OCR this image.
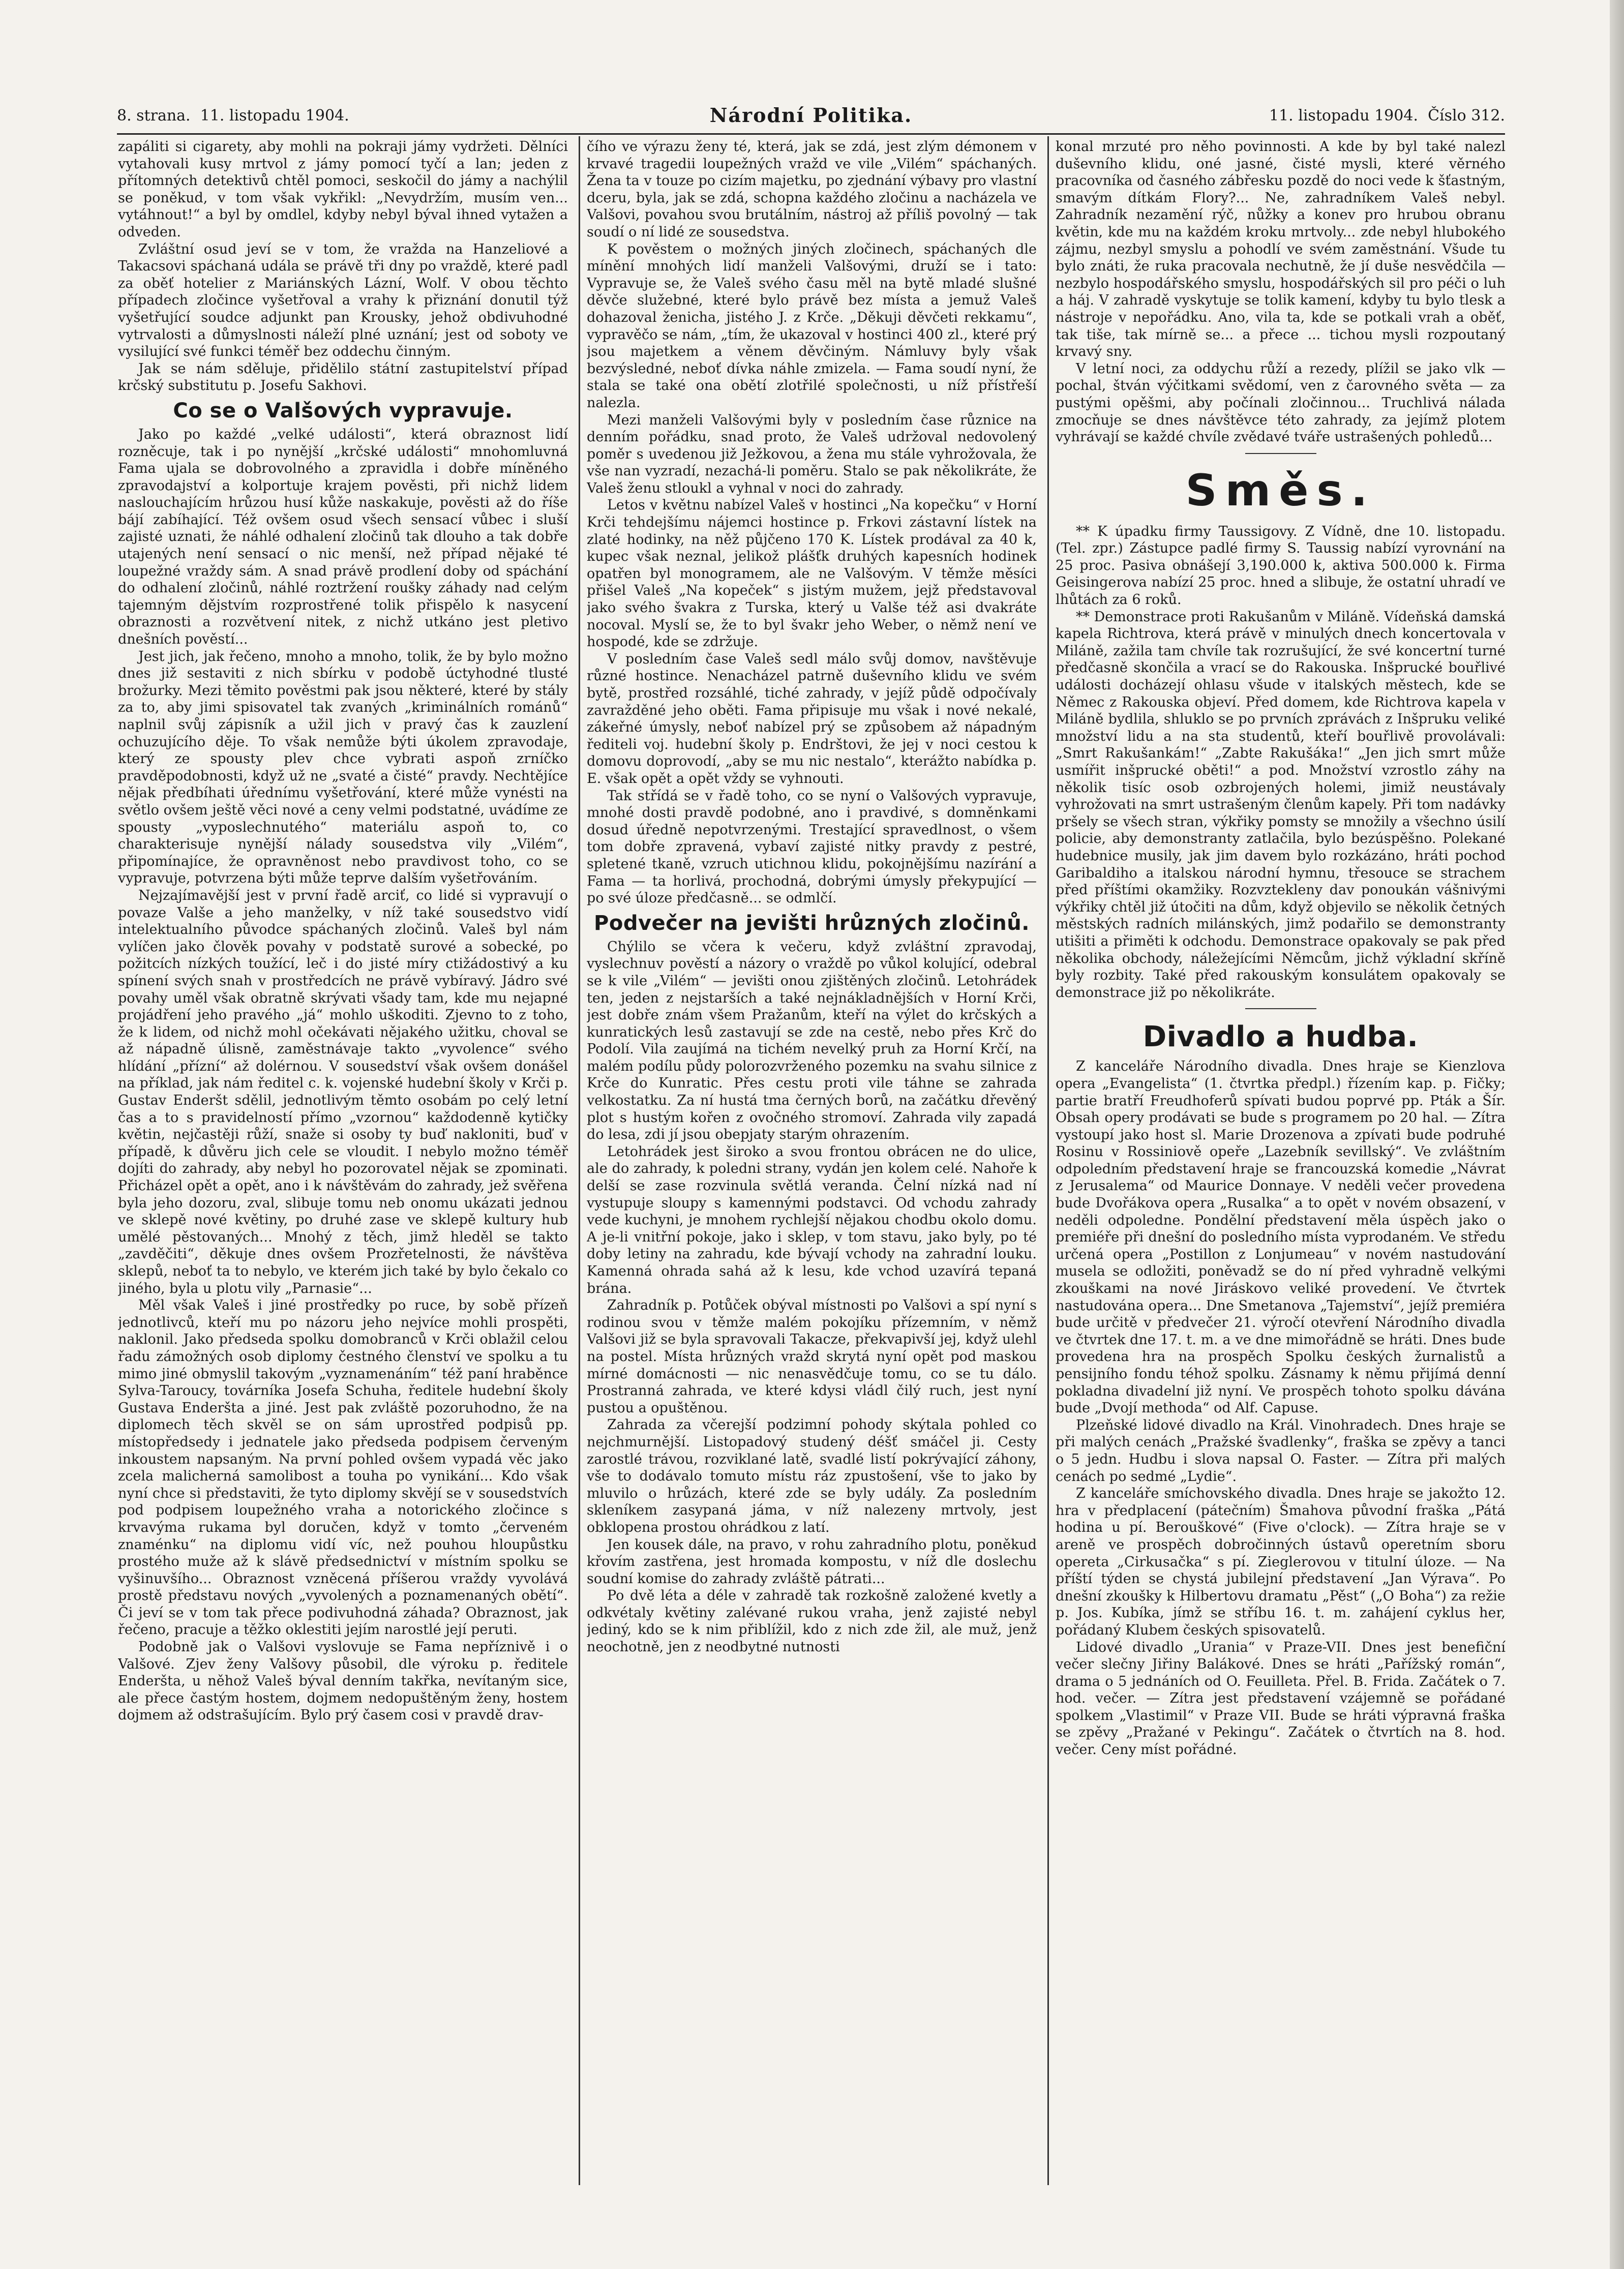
8. strana. 11. listopadu 1904.	Národní Politika.	11. listopadu 1904. Číslo 312.

zapáliti si cigarety, aby mohli na pokraji jámy vydržeti. Dělníci vytahovali kusy mrtvol z jámy pomocí tyčí a lan; jeden z přítomných detektivů chtěl pomoci, seskočil do jámy a nachýlil se poněkud, v tom však vykřikl: „Nevydržím, musím ven... vytáhnout!“ a byl by omdlel, kdyby nebyl býval ihned vytažen a odveden.

Zvláštní osud jeví se v tom, že vražda na Hanzeliové a Takacsovi spáchaná udála se právě tři dny po vraždě, které padl za oběť hotelier z Mariánských Lázní, Wolf. V obou těchto případech zločince vyšetřoval a vrahy k přiznání donutil týž vyšetřující soudce adjunkt pan Krousky, jehož obdivuhodné vytrvalosti a důmyslnosti náleží plné uznání; jest od soboty ve vysilující své funkci téměř bez oddechu činným.

Jak se nám sděluje, přidělilo státní zastupitelství případ krčský substitutu p. Josefu Sakhovi.

Co se o Valšových vypravuje.

Jako po každé „velké události“, která obraznost lidí rozněcuje, tak i po nynější „krčské události“ mnohomluvná Fama ujala se dobrovolného a zpravidla i dobře míněného zpravodajství a kolportuje krajem pověsti, při nichž lidem naslouchajícím hrůzou husí kůže naskakuje, pověsti až do říše bájí zabíhající. Též ovšem osud všech sensací vůbec i sluší zajisté uznati, že náhlé odhalení zločinů tak dlouho a tak dobře utajených není sensací o nic menší, než případ nějaké té loupežné vraždy sám. A snad právě prodlení doby od spáchání do odhalení zločinů, náhlé roztržení roušky záhady nad celým tajemným dějstvím rozprostřené tolik přispělo k nasycení obraznosti a rozvětvení nitek, z nichž utkáno jest pletivo dnešních pověstí...

Jest jich, jak řečeno, mnoho a mnoho, tolik, že by bylo možno dnes již sestaviti z nich sbírku v podobě úctyhodné tlusté brožurky. Mezi těmito pověstmi pak jsou některé, které by stály za to, aby jimi spisovatel tak zvaných „kriminálních románů“ naplnil svůj zápisník a užil jich v pravý čas k zauzlení ochuzujícího děje. To však nemůže býti úkolem zpravodaje, který ze spousty plev chce vybrati aspoň zrníčko pravděpodobnosti, když už ne „svaté a čisté“ pravdy. Nechtějíce nějak předbíhati úřednímu vyšetřování, které může vynésti na světlo ovšem ještě věci nové a ceny velmi podstatné, uvádíme ze spousty „vyposlechnutého“ materiálu aspoň to, co charakterisuje nynější nálady sousedstva vily „Vilém“, připomínajíce, že opravněnost nebo pravdivost toho, co se vypravuje, potvrzena býti může teprve dalším vyšetřováním.

Nejzajímavější jest v první řadě arciť, co lidé si vypravují o povaze Valše a jeho manželky, v níž také sousedstvo vidí intelektualního původce spáchaných zločinů. Valeš byl nám vylíčen jako člověk povahy v podstatě surové a sobecké, po požitcích nízkých toužící, leč i do jisté míry ctižádostivý a ku spínení svých snah v prostředcích ne právě vybíravý. Jádro své povahy uměl však obratně skrývati všady tam, kde mu nejapné projádření jeho pravého „já“ mohlo uškoditi. Zjevno to z toho, že k lidem, od nichž mohl očekávati nějakého užitku, choval se až nápadně úlisně, zaměstnávaje takto „vyvolence“ svého hlídání „přízní“ až dolérnou. V sousedství však ovšem donášel na příklad, jak nám ředitel c. k. vojenské hudební školy v Krči p. Gustav Enderšt sdělil, jednotlivým těmto osobám po celý letní čas a to s pravidelností přímo „vzornou“ každodenně kytičky květin, nejčastěji růží, snaže si osoby ty buď nakloniti, buď v případě, k důvěru jich cele se vloudit. I nebylo možno téměř dojíti do zahrady, aby nebyl ho pozorovatel nějak se zpominati. Přicházel opět a opět, ano i k návštěvám do zahrady, jež svěřena byla jeho dozoru, zval, slibuje tomu neb onomu ukázati jednou ve sklepě nové květiny, po druhé zase ve sklepě kultury hub umělé pěstovaných... Mnohý z těch, jimž hleděl se takto „zavděčiti“, děkuje dnes ovšem Prozřetelnosti, že návštěva sklepů, neboť ta to nebylo, ve kterém jich také by bylo čekalo co jiného, byla u plotu vily „Parnasie“...

Měl však Valeš i jiné prostředky po ruce, by sobě přízeň jednotlivců, kteří mu po názoru jeho nejvíce mohli prospěti, naklonil. Jako předseda spolku domobranců v Krči oblažil celou řadu zámožných osob diplomy čestného členství ve spolku a tu mimo jiné obmyslil takovým „vyznamenáním“ též paní hraběnce Sylva-Taroucy, továrníka Josefa Schuha, ředitele hudební školy Gustava Enderšta a jiné. Jest pak zvláště pozoruhodno, že na diplomech těch skvěl se on sám uprostřed podpisů pp. místopředsedy i jednatele jako předseda podpisem červeným inkoustem napsaným. Na první pohled ovšem vypadá věc jako zcela malicherná samolibost a touha po vynikání... Kdo však nyní chce si představiti, že tyto diplomy skvějí se v sousedstvích pod podpisem loupežného vraha a notorického zločince s krvavýma rukama byl doručen, když v tomto „červeném znaménku“ na diplomu vidí víc, než pouhou hloupůstku prostého muže až k slávě předsednictví v místním spolku se vyšinuvšího... Obraznost vzněcená příšerou vraždy vyvolává prostě představu nových „vyvolených a poznamenaných obětí“. Či jeví se v tom tak přece podivuhodná záhada? Obraznost, jak řečeno, pracuje a těžko oklestiti jejím narostlé její peruti.

Podobně jak o Valšovi vyslovuje se Fama nepříznivě i o Valšové. Zjev ženy Valšovy působil, dle výroku p. ředitele Enderšta, u něhož Valeš býval denním takřka, nevítaným sice, ale přece častým hostem, dojmem nedopuštěným ženy, hostem dojmem až odstrašujícím. Bylo prý časem cosi v pravdě drav-

čího ve výrazu ženy té, která, jak se zdá, jest zlým démonem v krvavé tragedii loupežných vražd ve vile „Vilém“ spáchaných. Žena ta v touze po cizím majetku, po zjednání výbavy pro vlastní dceru, byla, jak se zdá, schopna každého zločinu a nacházela ve Valšovi, povahou svou brutálním, nástroj až příliš povolný — tak soudí o ní lidé ze sousedstva.

K pověstem o možných jiných zločinech, spáchaných dle mínění mnohých lidí manželi Valšovými, druží se i tato: Vypravuje se, že Valeš svého času měl na bytě mladé slušné děvče služebné, které bylo právě bez místa a jemuž Valeš dohazoval ženicha, jistého J. z Krče. „Děkuji děvčeti rekkamu“, vypravěčo se nám, „tím, že ukazoval v hostinci 400 zl., které prý jsou majetkem a věnem děvčiným. Námluvy byly však bezvýsledné, neboť dívka náhle zmizela. — Fama soudí nyní, že stala se také ona obětí zlotřilé společnosti, u níž přístřeší nalezla.

Mezi manželi Valšovými byly v posledním čase různice na denním pořádku, snad proto, že Valeš udržoval nedovolený poměr s uvedenou již Ježkovou, a žena mu stále vyhrožovala, že vše nan vyzradí, nezachá-li poměru. Stalo se pak několikráte, že Valeš ženu stloukl a vyhnal v noci do zahrady.

Letos v květnu nabízel Valeš v hostinci „Na kopečku“ v Horní Krči tehdejšímu nájemci hostince p. Frkovi zástavní lístek na zlaté hodinky, na něž půjčeno 170 K. Lístek prodával za 40 k, kupec však neznal, jelikož plášťk druhých kapesních hodinek opatřen byl monogramem, ale ne Valšovým. V těmže měsíci přišel Valeš „Na kopeček“ s jistým mužem, jejž představoval jako svého švakra z Turska, který u Valše též asi dvakráte nocoval. Myslí se, že to byl švakr jeho Weber, o němž není ve hospodé, kde se zdržuje.

V posledním čase Valeš sedl málo svůj domov, navštěvuje různé hostince. Nenacházel patrně duševního klidu ve svém bytě, prostřed rozsáhlé, tiché zahrady, v jejíž půdě odpočívaly zavražděné jeho oběti. Fama připisuje mu však i nové nekalé, zákeřné úmysly, neboť nabízel prý se způsobem až nápadným řediteli voj. hudební školy p. Endrštovi, že jej v noci cestou k domovu doprovodí, „aby se mu nic nestalo“, kterážto nabídka p. E. však opět a opět vždy se vyhnouti.

Tak střídá se v řadě toho, co se nyní o Valšových vypravuje, mnohé dosti pravdě podobné, ano i pravdivé, s domněnkami dosud úředně nepotvrzenými. Trestající spravedlnost, o všem tom dobře zpravená, vybaví zajisté nitky pravdy z pestré, spletené tkaně, vzruch utichnou klidu, pokojnějšímu nazírání a Fama — ta horlivá, prochodná, dobrými úmysly překypující — po své úloze předčasně... se odmlčí.

Podvečer na jevišti hrůzných zločinů.

Chýlilo se včera k večeru, když zvláštní zpravodaj, vyslechnuv pověstí a názory o vraždě po vůkol kolující, odebral se k vile „Vilém“ — jevišti onou zjištěných zločinů. Letohrádek ten, jeden z nejstarších a také nejnákladnějších v Horní Krči, jest dobře znám všem Pražanům, kteří na výlet do krčských a kunratických lesů zastavují se zde na cestě, nebo přes Krč do Podolí. Vila zaujímá na tichém nevelký pruh za Horní Krčí, na malém podílu půdy polorozvrženého pozemku na svahu silnice z Krče do Kunratic. Přes cestu proti vile táhne se zahrada velkostatku. Za ní hustá tma černých borů, na začátku dřevěný plot s hustým kořen z ovočného stromoví. Zahrada vily zapadá do lesa, zdi jí jsou obepjaty starým ohrazením.

Letohrádek jest široko a svou frontou obrácen ne do ulice, ale do zahrady, k poledni strany, vydán jen kolem celé. Nahoře k delší se zase rozvinula světlá veranda. Čelní nízká nad ní vystupuje sloupy s kamennými podstavci. Od vchodu zahrady vede kuchyni, je mnohem rychlejší nějakou chodbu okolo domu. A je-li vnitřní pokoje, jako i sklep, v tom stavu, jako byly, po té doby letiny na zahradu, kde bývají vchody na zahradní louku. Kamenná ohrada sahá až k lesu, kde vchod uzavírá tepaná brána.

Zahradník p. Potůček obýval místnosti po Valšovi a spí nyní s rodinou svou v těmže malém pokojíku přízemním, v němž Valšovi již se byla spravovali Takacze, překvapivší jej, když ulehl na postel. Místa hrůzných vražd skrytá nyní opět pod maskou mírné domácnosti — nic nenasvědčuje tomu, co se tu dálo. Prostranná zahrada, ve které kdysi vládl čilý ruch, jest nyní pustou a opuštěnou.

Zahrada za včerejší podzimní pohody skýtala pohled co nejchmurnější. Listopadový studený déšť smáčel ji. Cesty zarostlé trávou, rozviklané latě, svadlé listí pokrývající záhony, vše to dodávalo tomuto místu ráz zpustošení, vše to jako by mluvilo o hrůzách, které zde se byly udály. Za posledním skleníkem zasypaná jáma, v níž nalezeny mrtvoly, jest obklopena prostou ohrádkou z latí.

Jen kousek dále, na pravo, v rohu zahradního plotu, poněkud křovím zastřena, jest hromada kompostu, v níž dle doslechu soudní komise do zahrady zvláště pátrati...

Po dvě léta a déle v zahradě tak rozkošně založené kvetly a odkvétaly květiny zalévané rukou vraha, jenž zajisté nebyl jediný, kdo se k nim přiblížil, kdo z nich zde žil, ale muž, jenž neochotně, jen z neodbytné nutnosti

konal mrzuté pro něho povinnosti. A kde by byl také nalezl duševního klidu, oné jasné, čisté mysli, které věrného pracovníka od časného zábřesku pozdě do noci vede k šťastným, smavým dítkám Flory?... Ne, zahradníkem Valeš nebyl. Zahradník nezamění rýč, nůžky a konev pro hrubou obranu květin, kde mu na každém kroku mrtvoly... zde nebyl hlubokého zájmu, nezbyl smyslu a pohodlí ve svém zaměstnání. Všude tu bylo znáti, že ruka pracovala nechutně, že jí duše nesvědčila — nezbylo hospodářského smyslu, hospodářských sil pro péči o luh a háj. V zahradě vyskytuje se tolik kamení, kdyby tu bylo tlesk a nástroje v nepořádku. Ano, vila ta, kde se potkali vrah a oběť, tak tiše, tak mírně se... a přece ... tichou mysli rozpoutaný krvavý sny.

V letní noci, za oddychu růží a rezedy, plížil se jako vlk — pochal, štván výčitkami svědomí, ven z čarovného světa — za pustými opěšmi, aby počínali zločinnou... Truchlivá nálada zmocňuje se dnes návštěvce této zahrady, za jejímž plotem vyhrávají se každé chvíle zvědavé tváře ustrašených pohledů...

Směs.

** K úpadku firmy Taussigovy. Z Vídně, dne 10. listopadu. (Tel. zpr.) Zástupce padlé firmy S. Taussig nabízí vyrovnání na 25 proc. Pasiva obnášejí 3,190.000 k, aktiva 500.000 k. Firma Geisingerova nabízí 25 proc. hned a slibuje, že ostatní uhradí ve lhůtách za 6 roků.

** Demonstrace proti Rakušanům v Miláně. Vídeňská damská kapela Richtrova, která právě v minulých dnech koncertovala v Miláně, zažila tam chvíle tak rozrušující, že své koncertní turné předčasně skončila a vrací se do Rakouska. Inšprucké bouřlivé události docházejí ohlasu všude v italských městech, kde se Němec z Rakouska objeví. Před domem, kde Richtrova kapela v Miláně bydlila, shluklo se po prvních zprávách z Inšpruku veliké množství lidu a na sta studentů, kteří bouřlivě provolávali: „Smrt Rakušankám!“ „Zabte Rakušáka!“ „Jen jich smrt může usmířit inšprucké oběti!“ a pod. Množství vzrostlo záhy na několik tisíc osob ozbrojených holemi, jimiž neustávaly vyhrožovati na smrt ustrašeným členům kapely. Při tom nadávky pršely se všech stran, výkřiky pomsty se množily a všechno úsilí policie, aby demonstranty zatlačila, bylo bezúspěšno. Polekané hudebnice musily, jak jim davem bylo rozkázáno, hráti pochod Garibaldiho a italskou národní hymnu, třesouce se strachem před příštími okamžiky. Rozvztekleny dav ponoukán vášnivými výkřiky chtěl již útočiti na dům, když objevilo se několik četných městských radních milánských, jimž podařilo se demonstranty utišiti a přiměti k odchodu. Demonstrace opakovaly se pak před několika obchody, náležejícími Němcům, jichž výkladní skříně byly rozbity. Také před rakouským konsulátem opakovaly se demonstrace již po několikráte.

Divadlo a hudba.

Z kanceláře Národního divadla. Dnes hraje se Kienzlova opera „Evangelista“ (1. čtvrtka předpl.) řízením kap. p. Fičky; partie bratří Freudhoferů spívati budou poprvé pp. Pták a Šír. Obsah opery prodávati se bude s programem po 20 hal. — Zítra vystoupí jako host sl. Marie Drozenova a zpívati bude podruhé Rosinu v Rossiniově opeře „Lazebník sevillský“. Ve zvláštním odpoledním představení hraje se francouzská komedie „Návrat z Jerusalema“ od Maurice Donnaye. V neděli večer provedena bude Dvořákova opera „Rusalka“ a to opět v novém obsazení, v neděli odpoledne. Pondělní představení měla úspěch jako o premiéře při dnešní do posledního místa vyprodaném. Ve středu určená opera „Postillon z Lonjumeau“ v novém nastudování musela se odložiti, poněvadž se do ní před vyhradně velkými zkouškami na nové Jiráskovo veliké provedení. Ve čtvrtek nastudována opera... Dne Smetanova „Tajemství“, jejíž premiéra bude určitě v předvečer 21. výročí otevření Národního divadla ve čtvrtek dne 17. t. m. a ve dne mimořádně se hráti. Dnes bude provedena hra na prospěch Spolku českých žurnalistů a pensijního fondu téhož spolku. Zásnamy k němu přijímá denní pokladna divadelní již nyní. Ve prospěch tohoto spolku dávána bude „Dvojí methoda“ od Alf. Capuse.

Plzeňské lidové divadlo na Král. Vinohradech. Dnes hraje se při malých cenách „Pražské švadlenky“, fraška se zpěvy a tanci o 5 jedn. Hudbu i slova napsal O. Faster. — Zítra při malých cenách po sedmé „Lydie“.

Z kanceláře smíchovského divadla. Dnes hraje se jakožto 12. hra v předplacení (pátečním) Šmahova původní fraška „Pátá hodina u pí. Berouškové“ (Five o'clock). — Zítra hraje se v areně ve prospěch dobročinných ústavů operetním sboru opereta „Cirkusačka“ s pí. Zieglerovou v titulní úloze. — Na příští týden se chystá jubilejní představení „Jan Výrava“. Po dnešní zkoušky k Hilbertovu dramatu „Pěst“ („O Boha“) za režie p. Jos. Kubíka, jímž se stříbu 16. t. m. zahájení cyklus her, pořádaný Klubem českých spisovatelů.

Lidové divadlo „Urania“ v Praze-VII. Dnes jest benefiční večer slečny Jiřiny Balákové. Dnes se hráti „Pařížský román“, drama o 5 jednáních od O. Feuilleta. Přel. B. Frida. Začátek o 7. hod. večer. — Zítra jest představení vzájemně se pořádané spolkem „Vlastimil“ v Praze VII. Bude se hráti výpravná fraška se zpěvy „Pražané v Pekingu“. Začátek o čtvrtích na 8. hod. večer. Ceny míst pořádné.
